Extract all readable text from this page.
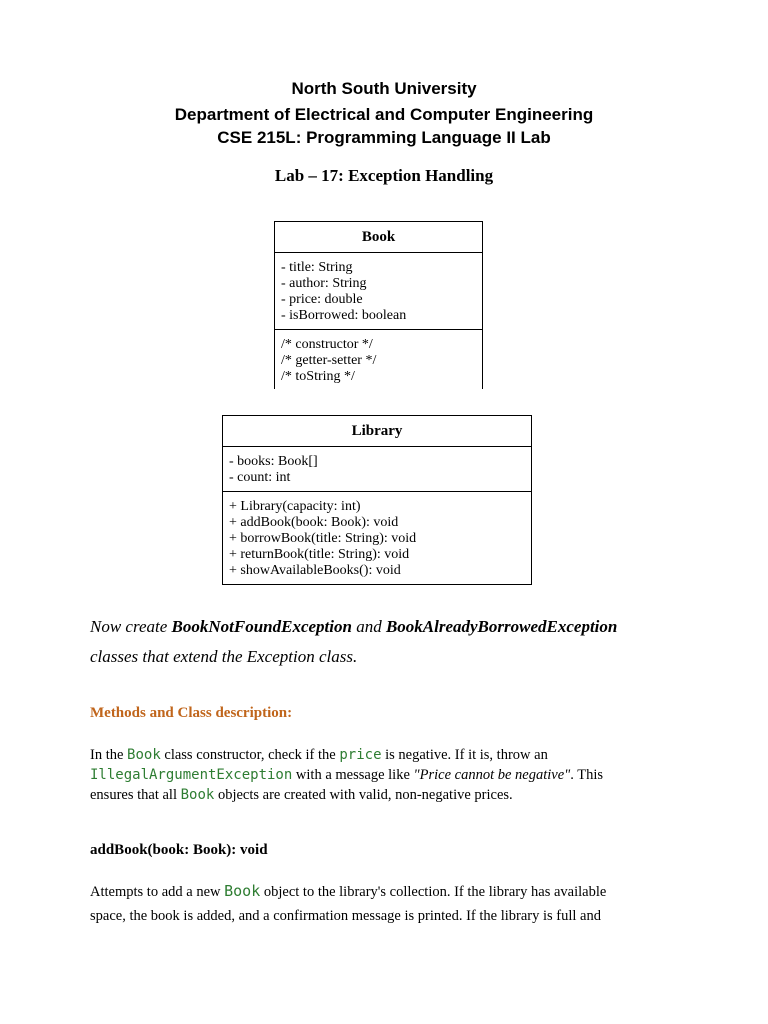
North South University

Department of Electrical and Computer Engineering

CSE 215L: Programming Language II Lab

Lab – 17: Exception Handling

Book
- title: String
- author: String
- price: double
- isBorrowed: boolean
/* constructor */
/* getter-setter */
/* toString */
Library
- books: Book[]
- count: int
+ Library(capacity: int)
+ addBook(book: Book): void
+ borrowBook(title: String): void
+ returnBook(title: String): void
+ showAvailableBooks(): void
Now create BookNotFoundException and BookAlreadyBorrowedException
classes that extend the Exception class.
Methods and Class description:
In the Book class constructor, check if the price is negative. If it is, throw an
IllegalArgumentException with a message like "Price cannot be negative". This
ensures that all Book objects are created with valid, non-negative prices.
addBook(book: Book): void
Attempts to add a new Book object to the library's collection. If the library has available
space, the book is added, and a confirmation message is printed. If the library is full and
